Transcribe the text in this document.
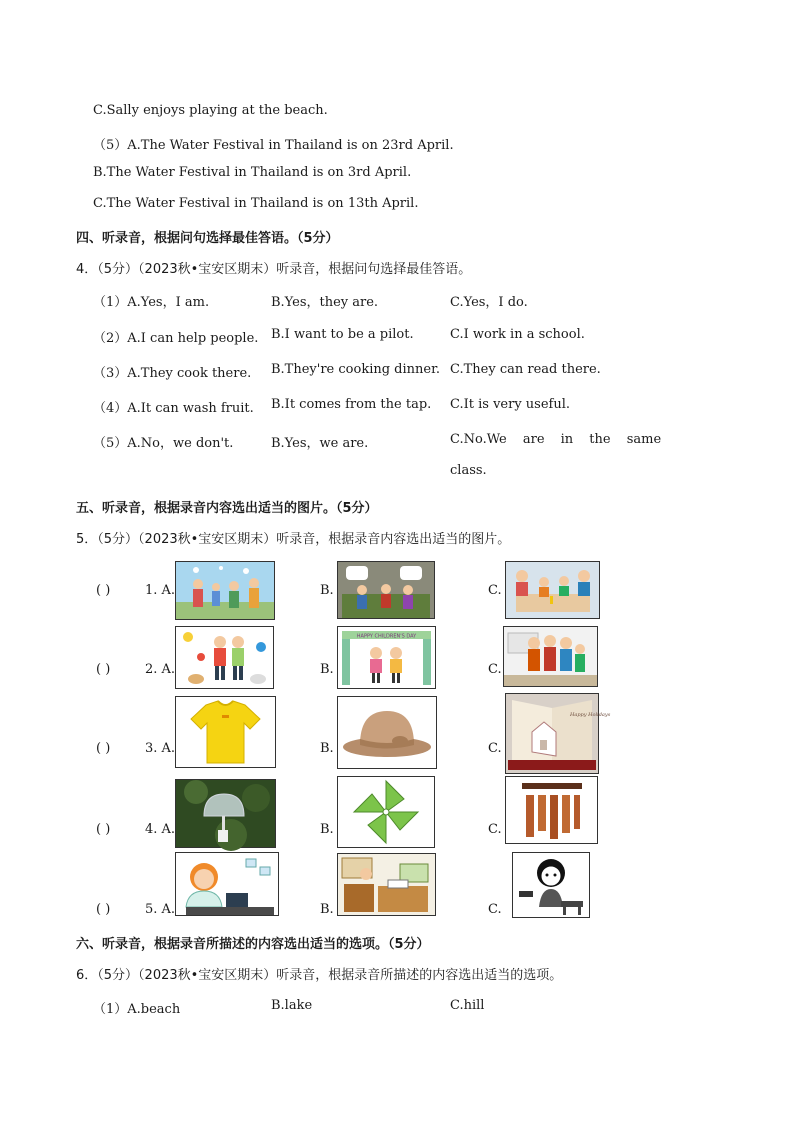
C.Sally enjoys playing at the beach.
（5）A.The Water Festival in Thailand is on 23rd April.
B.The Water Festival in Thailand is on 3rd April.
C.The Water Festival in Thailand is on 13th April.
四、听录音，根据问句选择最佳答语。（5分）
4．（5分）（2023秋•宝安区期末）听录音，根据问句选择最佳答语。
（1）A.Yes，I am.	B.Yes，they are.	C.Yes，I do.
（2）A.I can help people. B.I want to be a pilot.	C.I work in a school.
（3）A.They cook there. B.They're cooking dinner. C.They can read there.
（4）A.It can wash fruit. B.It comes from the tap. C.It is very useful.
（5）A.No，we don't.	B.Yes，we are.	C.No.We are in the same
class.
五、听录音，根据录音内容选出适当的图片。（5分）
5．（5分）（2023秋•宝安区期末）听录音，根据录音内容选出适当的图片。
( )	1. A.	B.	C.
( )	2. A.	B.	C.
( )	3. A.	B.	C.
( )	4. A.	B.	C.
( )	5. A.	B.	C.
HAPPY CHILDREN'S DAY
Happy Holidays
六、听录音，根据录音所描述的内容选出适当的选项。（5分）
6．（5分）（2023秋•宝安区期末）听录音，根据录音所描述的内容选出适当的选项。
（1）A.beach	B.lake	C.hill
